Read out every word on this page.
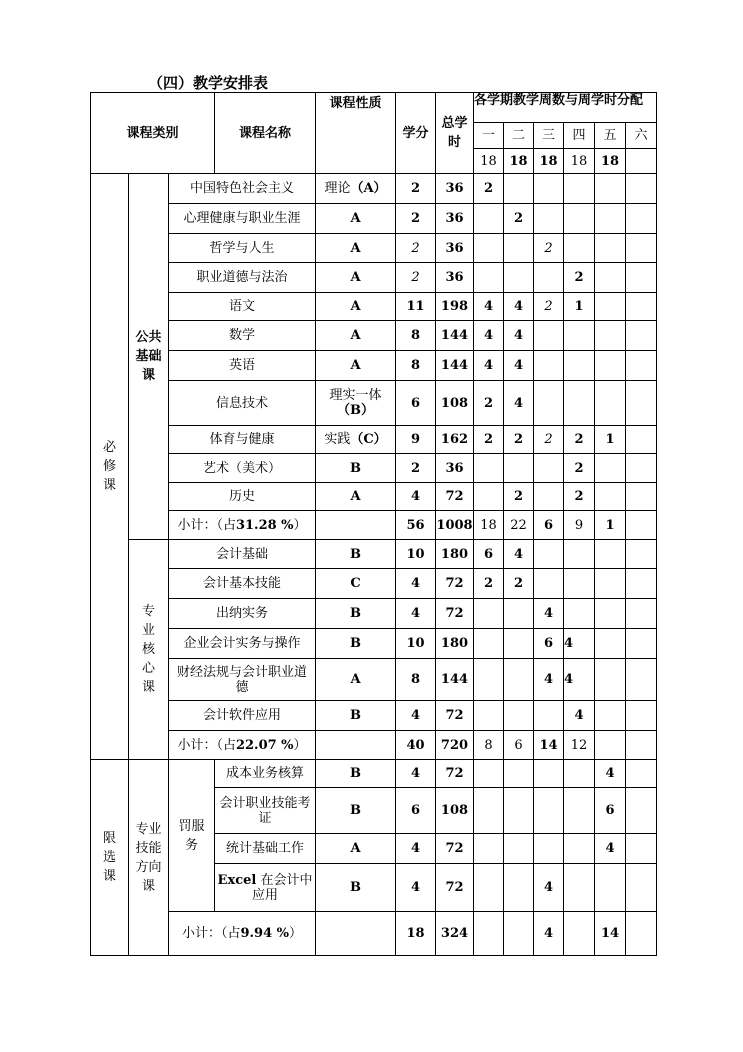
（四）教学安排表
课程类别			课程名称	课程性质	学分	总学时	各学期教学周数与周学时分配					

							一	二	三	四	五	六
							18	18	18	18	18	
必修课	公共基础课	中国特色社会主义		理论（A）	2	36	2					
		心理健康与职业生涯		A	2	36		2				
		哲学与人生		A	2	36			2			
		职业道德与法治		A	2	36				2		
		语文		A	11	198	4	4	2	1		
		数学		A	8	144	4	4				
		英语		A	8	144	4	4				
		信息技术		理实一体（B）	6	108	2	4				
		体育与健康		实践（C）	9	162	2	2	2	2	1	
		艺术（美术）		B	2	36				2		
		历史		A	4	72		2		2		
		小计：（占31.28 %）			56	1008	18	22	6	9	1	
	专业核心课	会计基础		B	10	180	6	4				
		会计基本技能		C	4	72	2	2				
		出纳实务		B	4	72			4			
		企业会计实务与操作		B	10	180			6	4		
		财经法规与会计职业道 德		A	8	144			4	4		
		会计软件应用		B	4	72				4		
		小计：（占22.07 %）			40	720	8	6	14	12		
限选课	专业技能方向课	罚服务	成本业务核算	B	4	72					4	
			会计职业技能考证	B	6	108					6	
			统计基础工作	A	4	72					4	
			Excel 在会计中 应用	B	4	72			4			
		小计：（占9.94 %）			18	324			4		14	
